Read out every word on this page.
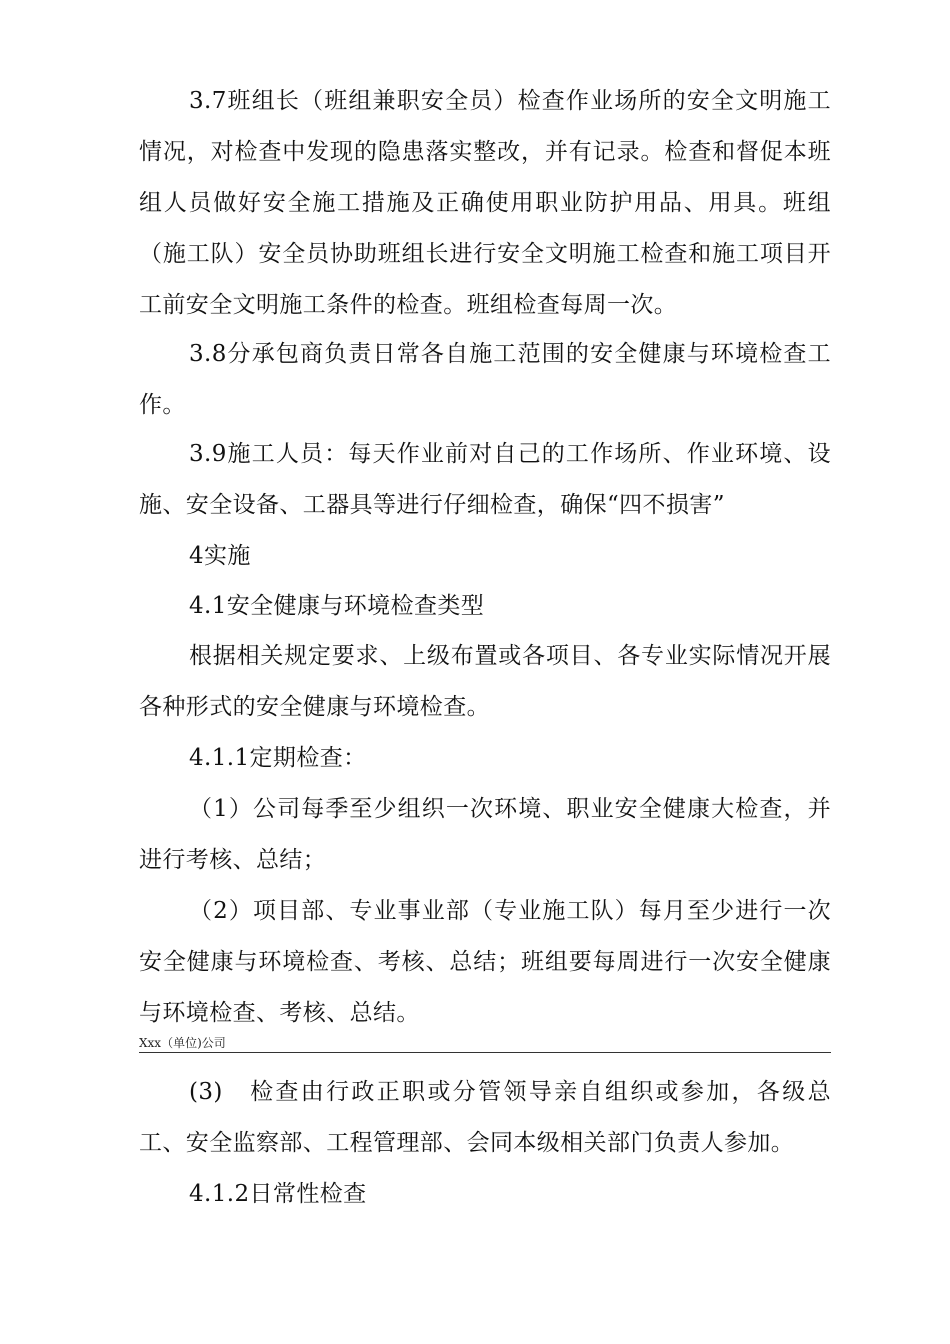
3.7班组长（班组兼职安全员）检查作业场所的安全文明施工情况，对检查中发现的隐患落实整改，并有记录。检查和督促本班组人员做好安全施工措施及正确使用职业防护用品、用具。班组（施工队）安全员协助班组长进行安全文明施工检查和施工项目开工前安全文明施工条件的检查。班组检查每周一次。

3.8分承包商负责日常各自施工范围的安全健康与环境检查工作。

3.9施工人员：每天作业前对自己的工作场所、作业环境、设施、安全设备、工器具等进行仔细检查，确保“四不损害”

4实施

4.1安全健康与环境检查类型

根据相关规定要求、上级布置或各项目、各专业实际情况开展各种形式的安全健康与环境检查。

4.1.1定期检查：

（1）公司每季至少组织一次环境、职业安全健康大检查，并进行考核、总结；

（2）项目部、专业事业部（专业施工队）每月至少进行一次安全健康与环境检查、考核、总结；班组要每周进行一次安全健康与环境检查、考核、总结。

Xxx（单位)公司

(3)　检查由行政正职或分管领导亲自组织或参加，各级总工、安全监察部、工程管理部、会同本级相关部门负责人参加。

4.1.2日常性检查
